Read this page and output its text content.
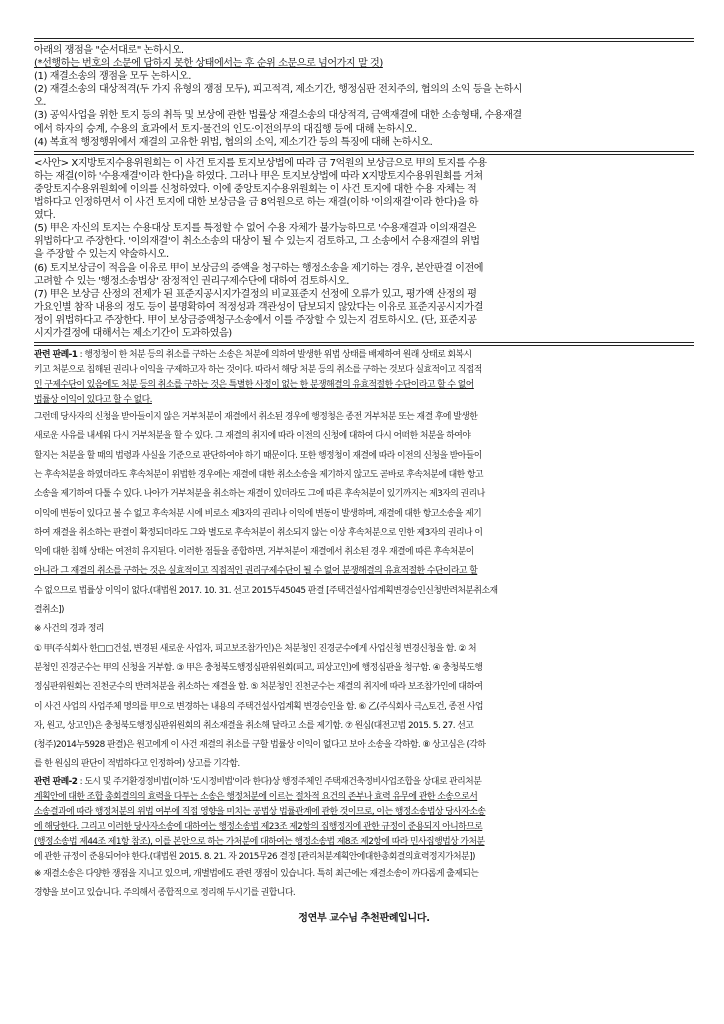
아래의 쟁점을 "순서대로" 논하시오.

(*선행하는 번호의 소문에 답하지 못한 상태에서는 후 순위 소문으로 넘어가지 말 것)

(1) 재결소송의 쟁점을 모두 논하시오.

(2) 재결소송의 대상적격(두 가지 유형의 쟁점 모두), 피고적격, 제소기간, 행정심판 전치주의, 협의의 소익 등을 논하시

오.

(3) 공익사업을 위한 토지 등의 취득 및 보상에 관한 법률상 재결소송의 대상적격, 금액재결에 대한 소송형태, 수용재결

에서 하자의 승계, 수용의 효과에서 토지·물건의 인도·이전의무의 대집행 등에 대해 논하시오.

(4) 복효적 행정행위에서 재결의 고유한 위법, 협의의 소익, 제소기간 등의 특징에 대해 논하시오.

<사안> X지방토지수용위원회는 이 사건 토지를 토지보상법에 따라 금 7억원의 보상금으로 甲의 토지를 수용

하는 재결(이하 '수용재결'이라 한다)을 하였다. 그러나 甲은 토지보상법에 따라 X지방토지수용위원회를 거쳐

중앙토지수용위원회에 이의를 신청하였다. 이에 중앙토지수용위원회는 이 사건 토지에 대한 수용 자체는 적

법하다고 인정하면서 이 사건 토지에 대한 보상금을 금 8억원으로 하는 재결(이하 '이의재결'이라 한다)을 하

였다.

(5) 甲은 자신의 토지는 수용대상 토지를 특정할 수 없어 수용 자체가 불가능하므로 '수용재결과 이의재결은

위법하다'고 주장한다. '이의재결'이 취소소송의 대상이 될 수 있는지 검토하고, 그 소송에서 수용재결의 위법

을 주장할 수 있는지 약술하시오.

(6) 토지보상금이 적음을 이유로 甲이 보상금의 증액을 청구하는 행정소송을 제기하는 경우, 본안판결 이전에

고려할 수 있는 '행정소송법상' 잠정적인 권리구제수단에 대하여 검토하시오.

(7) 甲은 보상금 산정의 전제가 된 표준지공시지가결정의 비교표준지 선정에 오류가 있고, 평가액 산정의 평

가요인별 참작 내용의 정도 등이 불명확하여 적정성과 객관성이 담보되지 않았다는 이유로 표준지공시지가결

정이 위법하다고 주장한다. 甲이 보상금증액청구소송에서 이를 주장할 수 있는지 검토하시오. (단, 표준지공

시지가결정에 대해서는 제소기간이 도과하였음)

관련 판례-1 : 행정청이 한 처분 등의 취소를 구하는 소송은 처분에 의하여 발생한 위법 상태를 배제하여 원래 상태로 회복시

키고 처분으로 침해된 권리나 이익을 구제하고자 하는 것이다. 따라서 해당 처분 등의 취소를 구하는 것보다 실효적이고 직접적

인 구제수단이 있음에도 처분 등의 취소를 구하는 것은 특별한 사정이 없는 한 분쟁해결의 유효적절한 수단이라고 할 수 없어

법률상 이익이 있다고 할 수 없다.

그런데 당사자의 신청을 받아들이지 않은 거부처분이 재결에서 취소된 경우에 행정청은 종전 거부처분 또는 재결 후에 발생한

새로운 사유를 내세워 다시 거부처분을 할 수 있다. 그 재결의 취지에 따라 이전의 신청에 대하여 다시 어떠한 처분을 하여야

할지는 처분을 할 때의 법령과 사실을 기준으로 판단하여야 하기 때문이다. 또한 행정청이 재결에 따라 이전의 신청을 받아들이

는 후속처분을 하였더라도 후속처분이 위법한 경우에는 재결에 대한 취소소송을 제기하지 않고도 곧바로 후속처분에 대한 항고

소송을 제기하여 다툴 수 있다. 나아가 거부처분을 취소하는 재결이 있더라도 그에 따른 후속처분이 있기까지는 제3자의 권리나

이익에 변동이 있다고 볼 수 없고 후속처분 시에 비로소 제3자의 권리나 이익에 변동이 발생하며, 재결에 대한 항고소송을 제기

하여 재결을 취소하는 판결이 확정되더라도 그와 별도로 후속처분이 취소되지 않는 이상 후속처분으로 인한 제3자의 권리나 이

익에 대한 침해 상태는 여전히 유지된다. 이러한 점들을 종합하면, 거부처분이 재결에서 취소된 경우 재결에 따른 후속처분이

아니라 그 재결의 취소를 구하는 것은 실효적이고 직접적인 권리구제수단이 될 수 없어 분쟁해결의 유효적절한 수단이라고 할

수 없으므로 법률상 이익이 없다.(대법원 2017. 10. 31. 선고 2015두45045 판결 [주택건설사업계획변경승인신청반려처분취소재

결취소])

※ 사건의 경과 정리

① 甲(주식회사 한□□건설, 변경된 새로운 사업자, 피고보조참가인)은 처분청인 진경군수에게 사업신청 변경신청을 함. ② 처

분청인 진경군수는 甲의 신청을 거부함. ③ 甲은 충청북도행정심판위원회(피고, 피상고인)에 행정심판을 청구함. ④ 충청북도행

정심판위원회는 진천군수의 반려처분을 취소하는 재결을 함. ⑤ 처분청인 진천군수는 재결의 취지에 따라 보조참가인에 대하여

이 사건 사업의 사업주체 명의를 甲으로 변경하는 내용의 주택건설사업계획 변경승인을 함. ⑥ 乙(주식회사 극△토건, 종전 사업

자, 원고, 상고인)은 충청북도행정심판위원회의 취소재결을 취소해 달라고 소를 제기함. ⑦ 원심(대전고법 2015. 5. 27. 선고

(청주)2014누5928 판결)은 원고에게 이 사건 재결의 취소를 구할 법률상 이익이 없다고 보아 소송을 각하함. ⑧ 상고심은 (각하

를 한 원심의 판단이 적법하다고 인정하여) 상고를 기각함.

관련 판례-2 : 도시 및 주거환경정비법(이하 '도시정비법'이라 한다)상 행정주체인 주택재건축정비사업조합을 상대로 관리처분

계획안에 대한 조합 총회결의의 효력을 다투는 소송은 행정처분에 이르는 절차적 요건의 존부나 효력 유무에 관한 소송으로서

소송결과에 따라 행정처분의 위법 여부에 직접 영향을 미치는 공법상 법률관계에 관한 것이므로, 이는 행정소송법상 당사자소송

에 해당한다. 그리고 이러한 당사자소송에 대하여는 행정소송법 제23조 제2항의 집행정지에 관한 규정이 준용되지 아니하므로

(행정소송법 제44조 제1항 참조), 이를 본안으로 하는 가처분에 대하여는 행정소송법 제8조 제2항에 따라 민사집행법상 가처분

에 관한 규정이 준용되어야 한다.(대법원 2015. 8. 21. 자 2015무26 결정 [관리처분계획안에대한총회결의효력정지가처분])

※ 재결소송은 다양한 쟁점을 지니고 있으며, 개별법에도 관련 쟁점이 있습니다. 특히 최근에는 재결소송이 까다롭게 출제되는

경향을 보이고 있습니다. 주의해서 종합적으로 정리해 두시기를 권합니다.

정연부 교수님 추천판례입니다.
